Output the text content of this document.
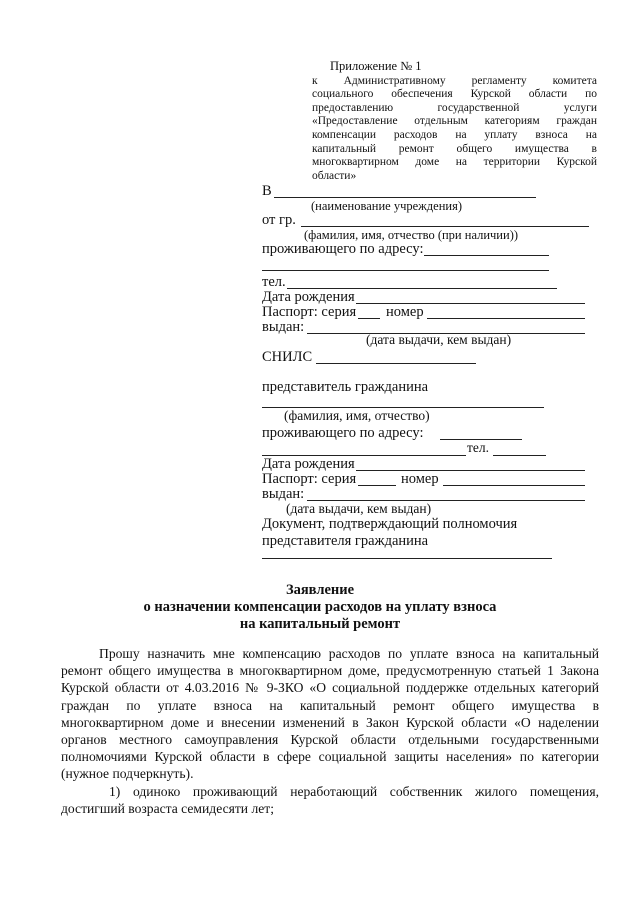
Приложение № 1
к Административному регламенту комитета
социального обеспечения Курской области по
предоставлению государственной услуги
«Предоставление отдельным категориям граждан
компенсации расходов на уплату взноса на
капитальный ремонт общего имущества в
многоквартирном доме на территории Курской
области»
В
(наименование учреждения)
от гр.
(фамилия, имя, отчество (при наличии))
проживающего по адресу:
тел.
Дата рождения
Паспорт: серия номер
выдан:
(дата выдачи, кем выдан)
СНИЛС
представитель гражданина
(фамилия, имя, отчество)
проживающего по адресу:
тел.
Дата рождения
Паспорт: серия	номер
выдан:
(дата выдачи, кем выдан)
Документ, подтверждающий полномочия
представителя гражданина
Заявление
о назначении компенсации расходов на уплату взноса
на капитальный ремонт
Прошу назначить мне компенсацию расходов по уплате взноса на капитальный
ремонт общего имущества в многоквартирном доме, предусмотренную статьей 1 Закона
Курской области от 4.03.2016 № 9-ЗКО «О социальной поддержке отдельных категорий
граждан по уплате взноса на капитальный ремонт общего имущества в
многоквартирном доме и внесении изменений в Закон Курской области «О наделении
органов местного самоуправления Курской области отдельными государственными
полномочиями Курской области в сфере социальной защиты населения» по категории
(нужное подчеркнуть).
1) одиноко проживающий неработающий собственник жилого помещения,
достигший возраста семидесяти лет;
